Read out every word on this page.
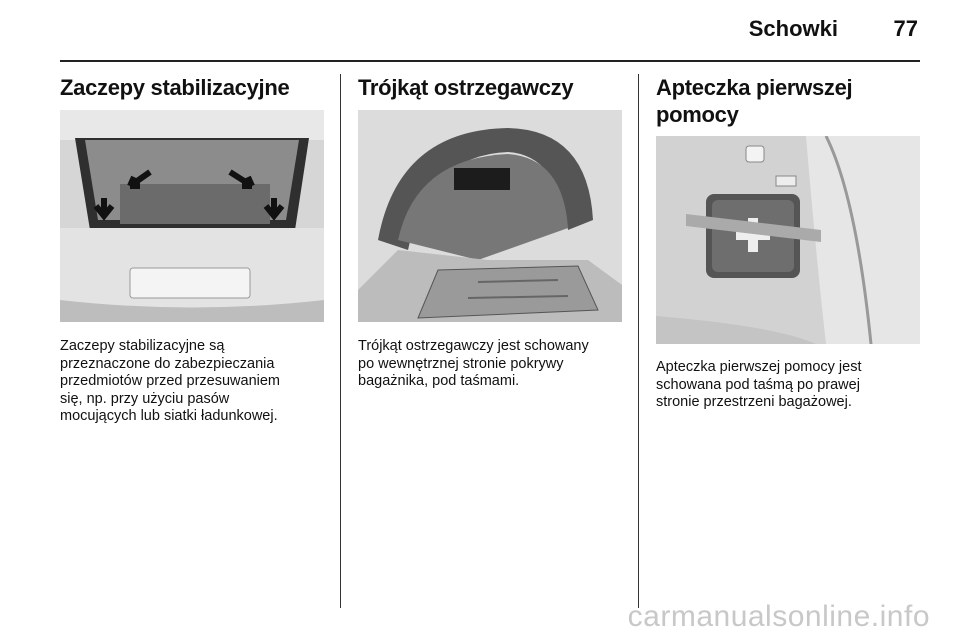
Schowki	77
Zaczepy stabilizacyjne

Zaczepy stabilizacyjne są

przeznaczone do zabezpieczania

przedmiotów przed przesuwaniem

się, np. przy użyciu pasów

mocujących lub siatki ładunkowej.

Trójkąt ostrzegawczy

Trójkąt ostrzegawczy jest schowany

po wewnętrznej stronie pokrywy

bagażnika, pod taśmami.

Apteczka pierwszej
pomocy

Apteczka pierwszej pomocy jest

schowana pod taśmą po prawej

stronie przestrzeni bagażowej.

carmanualsonline.info
